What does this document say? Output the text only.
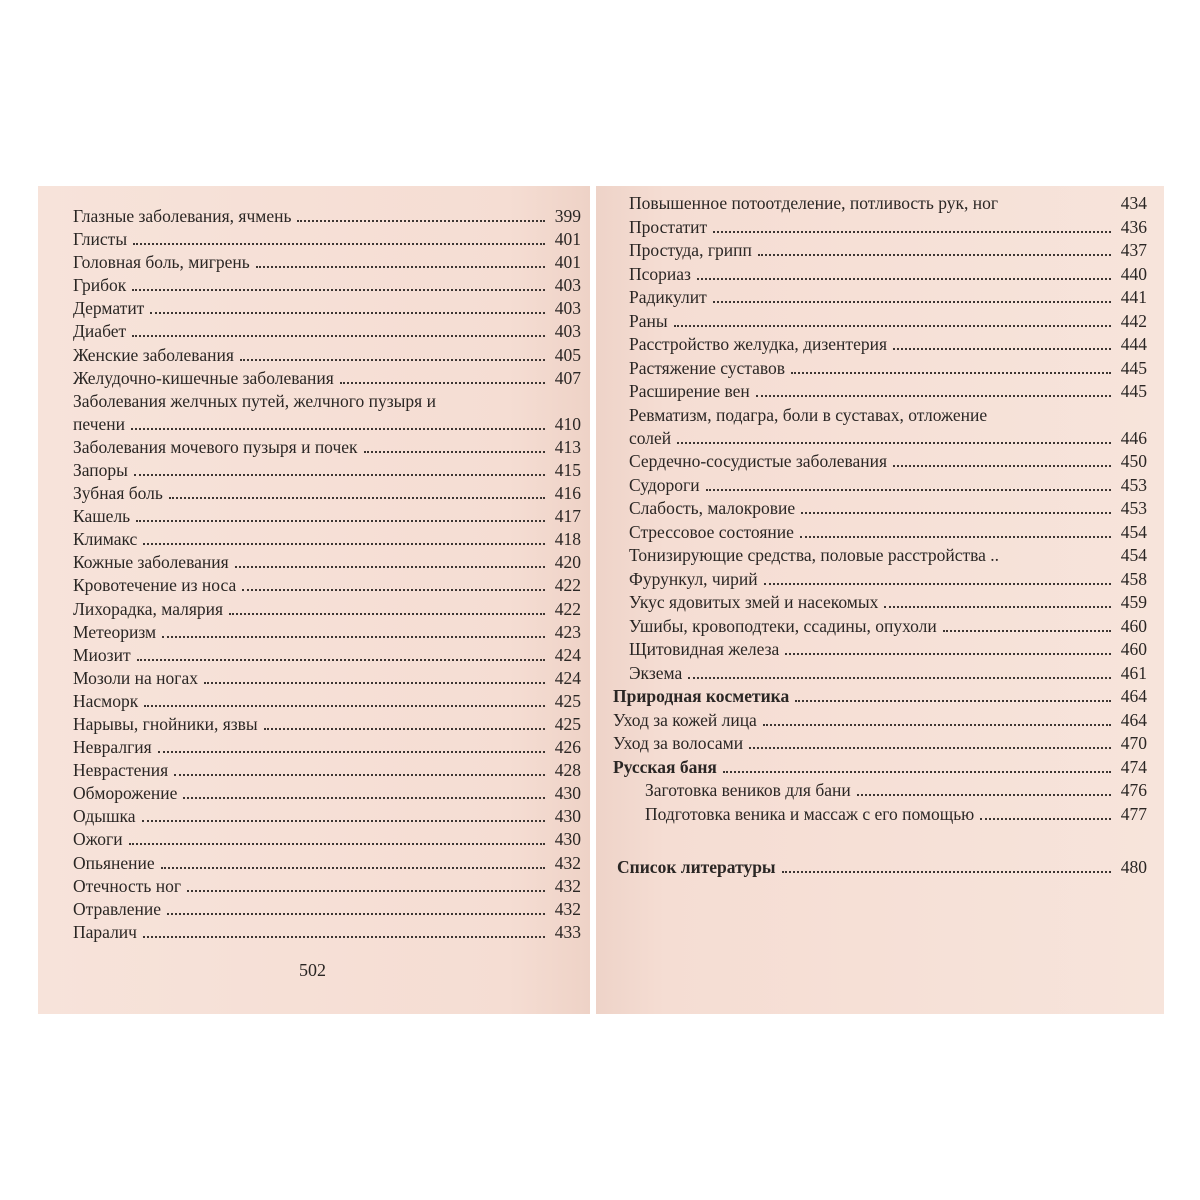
Глазные заболевания, ячмень	399
Глисты	401
Головная боль, мигрень	401
Грибок	403
Дерматит	403
Диабет	403
Женские заболевания	405
Желудочно-кишечные заболевания	407
Заболевания желчных путей, желчного пузыря и
печени	410
Заболевания мочевого пузыря и почек	413
Запоры	415
Зубная боль	416
Кашель	417
Климакс	418
Кожные заболевания	420
Кровотечение из носа	422
Лихорадка, малярия	422
Метеоризм	423
Миозит	424
Мозоли на ногах	424
Насморк	425
Нарывы, гнойники, язвы	425
Невралгия	426
Неврастения	428
Обморожение	430
Одышка	430
Ожоги	430
Опьянение	432
Отечность ног	432
Отравление	432
Паралич	433
502
Повышенное потоотделение, потливость рук, ног	434
Простатит	436
Простуда, грипп	437
Псориаз	440
Радикулит	441
Раны	442
Расстройство желудка, дизентерия	444
Растяжение суставов	445
Расширение вен	445
Ревматизм, подагра, боли в суставах, отложение
солей	446
Сердечно-сосудистые заболевания	450
Судороги	453
Слабость, малокровие	453
Стрессовое состояние	454
Тонизирующие средства, половые расстройства ..	454
Фурункул, чирий	458
Укус ядовитых змей и насекомых	459
Ушибы, кровоподтеки, ссадины, опухоли	460
Щитовидная железа	460
Экзема	461
Природная косметика	464
Уход за кожей лица	464
Уход за волосами	470
Русская баня	474
Заготовка веников для бани	476
Подготовка веника и массаж с его помощью	477
Список литературы	480
